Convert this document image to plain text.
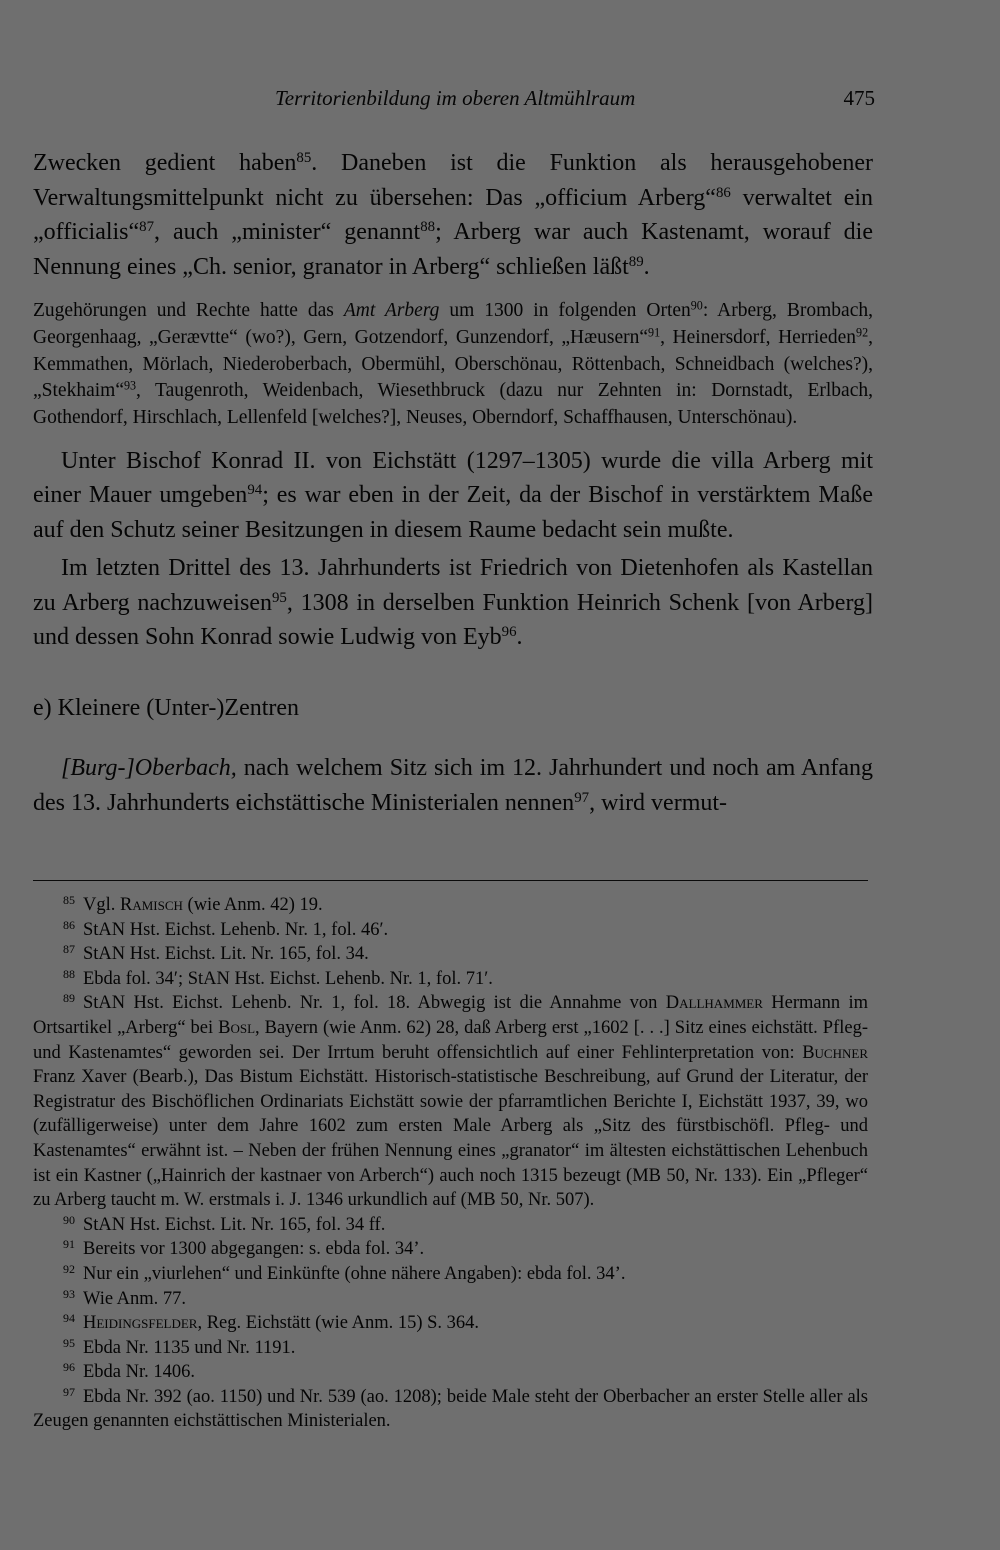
Territorienbildung im oberen Altmühlraum	475

Zwecken gedient haben$^{85}$. Daneben ist die Funktion als herausgehobener Verwaltungsmittelpunkt nicht zu übersehen: Das „officium Arberg“$^{86}$ verwaltet ein „officialis“$^{87}$, auch „minister“ genannt$^{88}$; Arberg war auch Kastenamt, worauf die Nennung eines „Ch. senior, granator in Arberg“ schließen läßt$^{89}$.

Zugehörungen und Rechte hatte das Amt Arberg um 1300 in folgenden Orten$^{90}$: Arberg, Brombach, Georgenhaag, „Gerævtte“ (wo?), Gern, Gotzendorf, Gunzendorf, „Hæusern“$^{91}$, Heinersdorf, Herrieden$^{92}$, Kemmathen, Mörlach, Niederoberbach, Obermühl, Oberschönau, Röttenbach, Schneidbach (welches?), „Stekhaim“$^{93}$, Taugenroth, Weidenbach, Wiesethbruck (dazu nur Zehnten in: Dornstadt, Erlbach, Gothendorf, Hirschlach, Lellenfeld [welches?], Neuses, Oberndorf, Schaffhausen, Unterschönau).

Unter Bischof Konrad II. von Eichstätt (1297–1305) wurde die villa Arberg mit einer Mauer umgeben$^{94}$; es war eben in der Zeit, da der Bischof in verstärktem Maße auf den Schutz seiner Besitzungen in diesem Raume bedacht sein mußte.

Im letzten Drittel des 13. Jahrhunderts ist Friedrich von Dietenhofen als Kastellan zu Arberg nachzuweisen$^{95}$, 1308 in derselben Funktion Heinrich Schenk [von Arberg] und dessen Sohn Konrad sowie Ludwig von Eyb$^{96}$.

e) Kleinere (Unter-)Zentren

[Burg-]Oberbach, nach welchem Sitz sich im 12. Jahrhundert und noch am Anfang des 13. Jahrhunderts eichstättische Ministerialen nennen$^{97}$, wird vermut-

85 Vgl. Ramisch (wie Anm. 42) 19.

86 StAN Hst. Eichst. Lehenb. Nr. 1, fol. 46′.

87 StAN Hst. Eichst. Lit. Nr. 165, fol. 34.

88 Ebda fol. 34′; StAN Hst. Eichst. Lehenb. Nr. 1, fol. 71′.

89 StAN Hst. Eichst. Lehenb. Nr. 1, fol. 18. Abwegig ist die Annahme von Dallhammer Hermann im Ortsartikel „Arberg“ bei Bosl, Bayern (wie Anm. 62) 28, daß Arberg erst „1602 [. . .] Sitz eines eichstätt. Pfleg- und Kastenamtes“ geworden sei. Der Irrtum beruht offensichtlich auf einer Fehlinterpretation von: Buchner Franz Xaver (Bearb.), Das Bistum Eichstätt. Historisch-statistische Beschreibung, auf Grund der Literatur, der Registratur des Bischöflichen Ordinariats Eichstätt sowie der pfarramtlichen Berichte I, Eichstätt 1937, 39, wo (zufälligerweise) unter dem Jahre 1602 zum ersten Male Arberg als „Sitz des fürstbischöfl. Pfleg- und Kastenamtes“ erwähnt ist. – Neben der frühen Nennung eines „granator“ im ältesten eichstättischen Lehenbuch ist ein Kastner („Hainrich der kastnaer von Arberch“) auch noch 1315 bezeugt (MB 50, Nr. 133). Ein „Pfleger“ zu Arberg taucht m. W. erstmals i. J. 1346 urkundlich auf (MB 50, Nr. 507).

90 StAN Hst. Eichst. Lit. Nr. 165, fol. 34 ff.

91 Bereits vor 1300 abgegangen: s. ebda fol. 34’.

92 Nur ein „viurlehen“ und Einkünfte (ohne nähere Angaben): ebda fol. 34’.

93 Wie Anm. 77.

94 Heidingsfelder, Reg. Eichstätt (wie Anm. 15) S. 364.

95 Ebda Nr. 1135 und Nr. 1191.

96 Ebda Nr. 1406.

97 Ebda Nr. 392 (ao. 1150) und Nr. 539 (ao. 1208); beide Male steht der Oberbacher an erster Stelle aller als Zeugen genannten eichstättischen Ministerialen.
